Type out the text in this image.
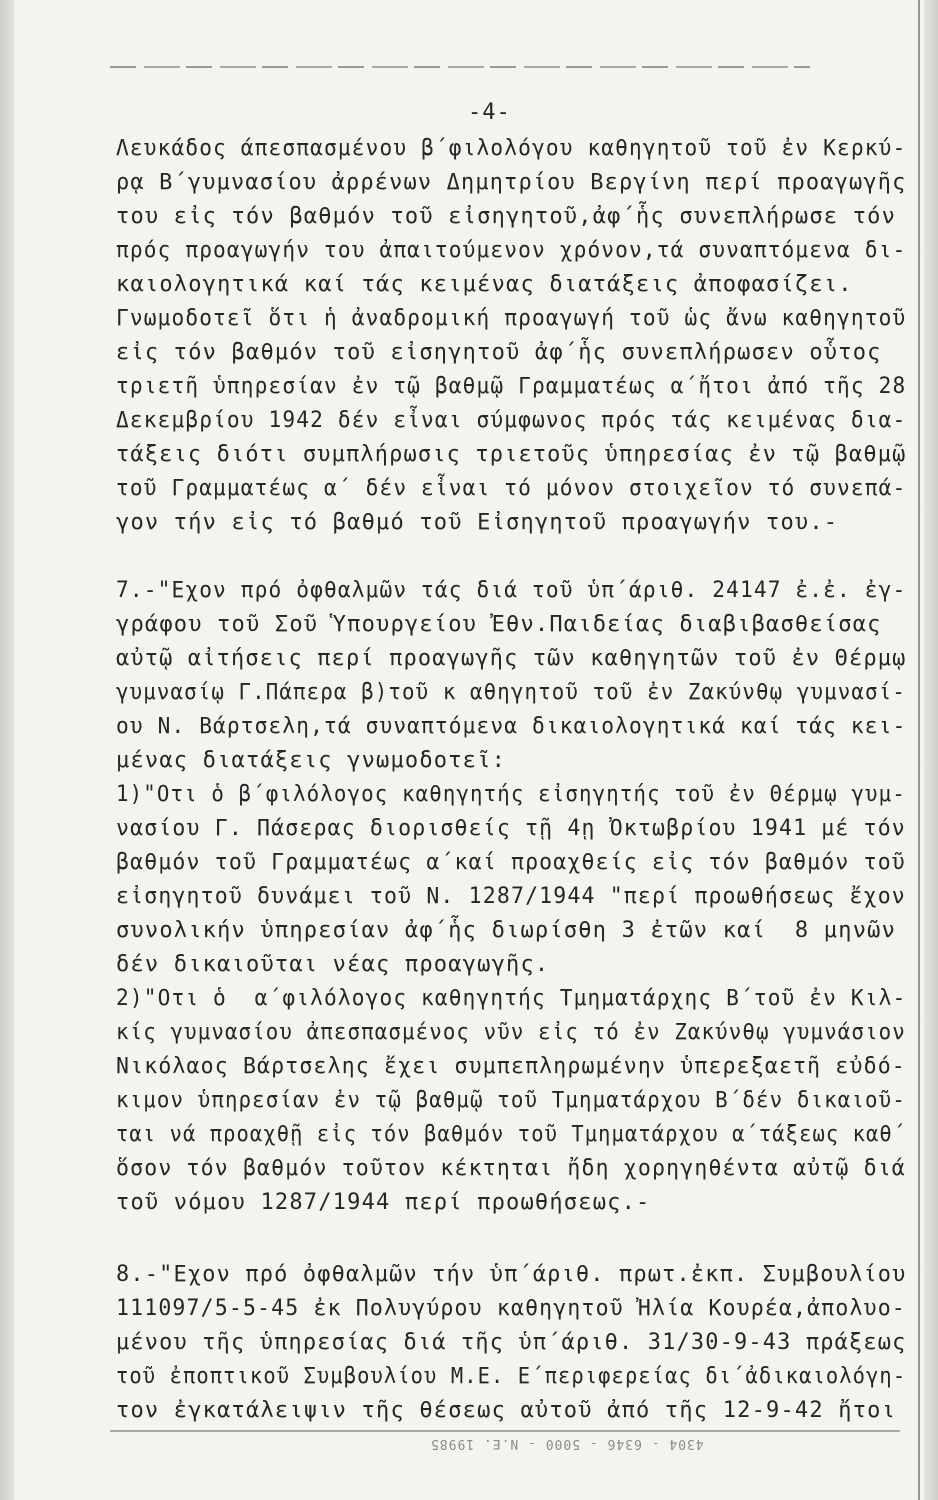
4304 - 6346 - 5000 - Ν.Ε. 19985
-4-
Λευκάδος άπεσπασμένου β΄φιλολόγου καθηγητοῦ τοῦ ἐν Κερκύ-
ρᾳ Β΄γυμνασίου ἀρρένων Δημητρίου Βεργίνη περί προαγωγῆς
του εἰς τόν βαθμόν τοῦ εἰσηγητοῦ,ἀφ΄ἧς συνεπλήρωσε τόν
πρός προαγωγήν του ἀπαιτούμενον χρόνον,τά συναπτόμενα δι-
καιολογητικά καί τάς κειμένας διατάξεις ἀποφασίζει.
Γνωμοδοτεῖ ὅτι ἡ ἀναδρομική προαγωγή τοῦ ὡς ἄνω καθηγητοῦ
εἰς τόν βαθμόν τοῦ εἰσηγητοῦ ἀφ΄ἧς συνεπλήρωσεν οὗτος
τριετῆ ὑπηρεσίαν ἐν τῷ βαθμῷ Γραμματέως α΄ἤτοι ἀπό τῆς 28
Δεκεμβρίου 1942 δέν εἶναι σύμφωνος πρός τάς κειμένας δια-
τάξεις διότι συμπλήρωσις τριετοῦς ὑπηρεσίας ἐν τῷ βαθμῷ
τοῦ Γραμματέως α΄ δέν εἶναι τό μόνον στοιχεῖον τό συνεπά-
γον τήν εἰς τό βαθμό τοῦ Εἰσηγητοῦ προαγωγήν του.-
7.-"Εχον πρό ὀφθαλμῶν τάς διά τοῦ ὑπ΄άριθ. 24147 ἐ.ἐ. ἐγ-
γράφου τοῦ Σοῦ Ὑπουργείου Ἐθν.Παιδείας διαβιβασθείσας
αὐτῷ αἰτήσεις περί προαγωγῆς τῶν καθηγητῶν τοῦ ἐν Θέρμῳ
γυμνασίῳ Γ.Πάπερα β)τοῦ κ αθηγητοῦ τοῦ ἐν Ζακύνθῳ γυμνασί-
ου Ν. Βάρτσελη,τά συναπτόμενα δικαιολογητικά καί τάς κει-
μένας διατάξεις γνωμοδοτεῖ:
1)"Οτι ὁ β΄φιλόλογος καθηγητής εἰσηγητής τοῦ ἐν Θέρμῳ γυμ-
νασίου Γ. Πάσερας διορισθείς τῇ 4ῃ Ὀκτωβρίου 1941 μέ τόν
βαθμόν τοῦ Γραμματέως α΄καί προαχθείς εἰς τόν βαθμόν τοῦ
εἰσηγητοῦ δυνάμει τοῦ Ν. 1287/1944 "περί προωθήσεως ἔχον
συνολικήν ὑπηρεσίαν ἀφ΄ἧς διωρίσθη 3 ἐτῶν καί  8 μηνῶν
δέν δικαιοῦται νέας προαγωγῆς.
2)"Οτι ὁ  α΄φιλόλογος καθηγητής Τμηματάρχης Β΄τοῦ ἐν Κιλ-
κίς γυμνασίου ἀπεσπασμένος νῦν εἰς τό ἐν Ζακύνθῳ γυμνάσιον
Νικόλαος Βάρτσελης ἔχει συμπεπληρωμένην ὑπερεξαετῆ εὐδό-
κιμον ὑπηρεσίαν ἐν τῷ βαθμῷ τοῦ Τμηματάρχου Β΄δέν δικαιοῦ-
ται νά προαχθῇ εἰς τόν βαθμόν τοῦ Τμηματάρχου α΄τάξεως καθ΄
ὅσον τόν βαθμόν τοῦτον κέκτηται ἤδη χορηγηθέντα αὐτῷ διά
τοῦ νόμου 1287/1944 περί προωθήσεως.-
8.-"Εχον πρό ὀφθαλμῶν τήν ὑπ΄άριθ. πρωτ.ἐκπ. Συμβουλίου
111097/5-5-45 ἐκ Πολυγύρου καθηγητοῦ Ἠλία Κουρέα,ἀπολυο-
μένου τῆς ὑπηρεσίας διά τῆς ὑπ΄άριθ. 31/30-9-43 πράξεως
τοῦ ἐποπτικοῦ Συμβουλίου Μ.Ε. Ε΄περιφερείας δι΄ἀδικαιολόγη-
τον ἐγκατάλειψιν τῆς θέσεως αὐτοῦ ἀπό τῆς 12-9-42 ἤτοι
